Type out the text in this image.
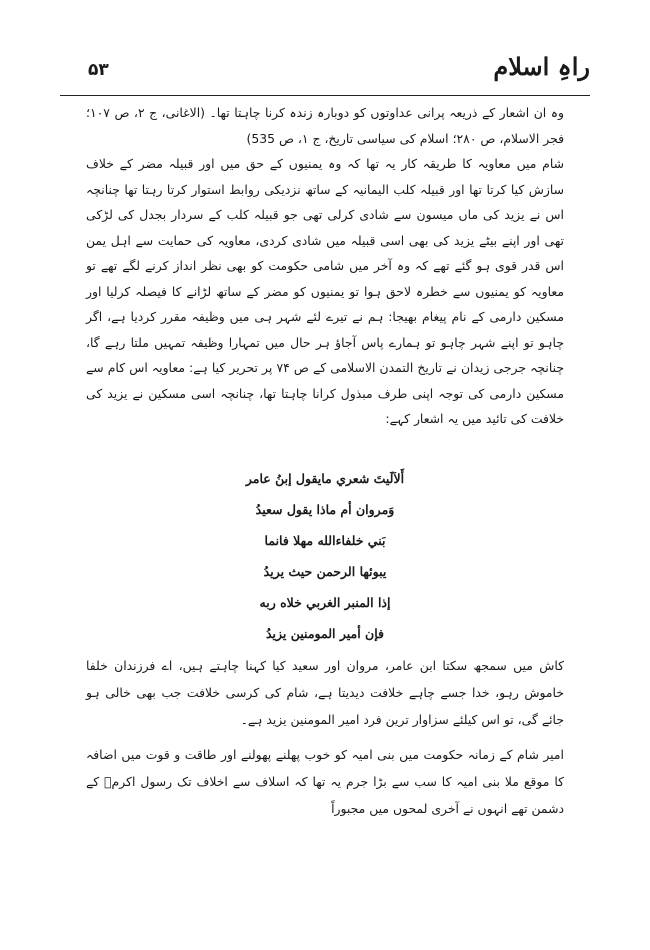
۵۳	راہِ اسلام

وہ ان اشعار کے ذریعہ پرانی عداوتوں کو دوبارہ زندہ کرنا چاہتا تھا۔ (الاغانی، ج ۲، ص ۱۰۷؛ فجر الاسلام، ص ۲۸۰؛ اسلام کی سیاسی تاریخ، ج ۱، ص 535)

شام میں معاویہ کا طریقہ کار یہ تھا کہ وہ یمنیوں کے حق میں اور قبیلہ مضر کے خلاف سازش کیا کرتا تھا اور قبیلہ کلب الیمانیہ کے ساتھ نزدیکی روابط استوار کرتا رہتا تھا چنانچہ اس نے یزید کی ماں میسون سے شادی کرلی تھی جو قبیلہ کلب کے سردار بجدل کی لڑکی تھی اور اپنے بیٹے یزید کی بھی اسی قبیلہ میں شادی کردی، معاویہ کی حمایت سے اہل یمن اس قدر قوی ہو گئے تھے کہ وہ آخر میں شامی حکومت کو بھی نظر انداز کرنے لگے تھے تو معاویہ کو یمنیوں سے خطرہ لاحق ہوا تو یمنیوں کو مضر کے ساتھ لڑانے کا فیصلہ کرلیا اور مسکین دارمی کے نام پیغام بھیجا: ہم نے تیرے لئے شہر ہی میں وظیفہ مقرر کردیا ہے، اگر چاہو تو اپنے شہر چاہو تو ہمارے پاس آجاؤ ہر حال میں تمہارا وظیفہ تمہیں ملتا رہے گا، چنانچہ جرجی زیدان نے تاریخ التمدن الاسلامی کے ص ۷۴ پر تحریر کیا ہے: معاویہ اس کام سے مسکین دارمی کی توجہ اپنی طرف مبذول کرانا چاہتا تھا، چنانچہ اسی مسکین نے یزید کی خلافت کی تائید میں یہ اشعار کہے:

أَلاَلَيتَ شعري مايقول إبنُ عامر
وَمروان أم ماذا يقول سعيدُ
بَني خلفاءالله مهلا فانما
يبوئها الرحمن حيث يريدُ
إذا المنبر الغربي خلاه ربه
فإن أمير المومنين يزيدُ

کاش میں سمجھ سکتا ابن عامر، مروان اور سعید کیا کہنا چاہتے ہیں، اے فرزندان خلفا خاموش رہو، خدا جسے چاہے خلافت دیدیتا ہے، شام کی کرسی خلافت جب بھی خالی ہو جائے گی، تو اس کیلئے سزاوار ترین فرد امیر المومنین یزید ہے۔

امیر شام کے زمانہ حکومت میں بنی امیہ کو خوب پھلنے پھولنے اور طاقت و قوت میں اضافہ کا موقع ملا بنی امیہ کا سب سے بڑا جرم یہ تھا کہ اسلاف سے اخلاف تک رسول اکرمؐ کے دشمن تھے انہوں نے آخری لمحوں میں مجبوراً
